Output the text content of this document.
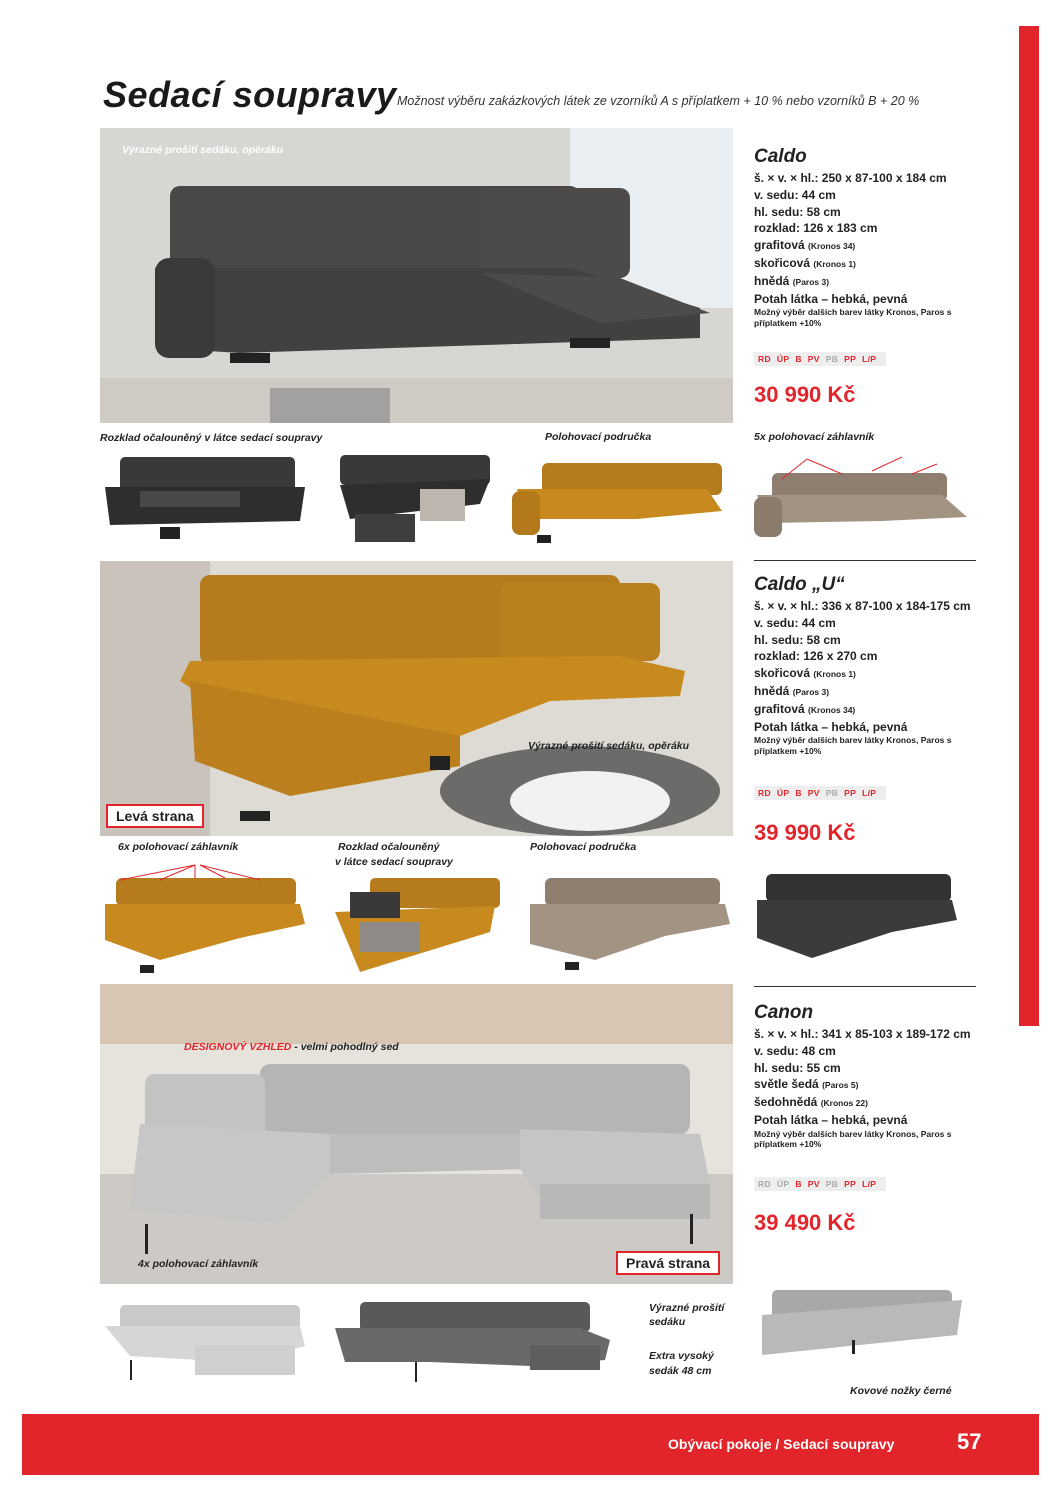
Sedací soupravy Možnost výběru zakázkových látek ze vzorníků A s příplatkem + 10 % nebo vzorníků B + 20 %
Výrazné prošití sedáku, opěráku
Rozklad očalouněný v látce sedací soupravy	Polohovací područka	5x polohovací záhlavník
Caldo
š. × v. × hl.: 250 x 87-100 x 184 cm
v. sedu: 44 cm
hl. sedu: 58 cm
rozklad: 126 x 183 cm
grafitová (Kronos 34)
skořicová (Kronos 1)
hnědá (Paros 3)
Potah látka – hebká, pevná
Možný výběr dalších barev látky Kronos, Paros s příplatkem +10%
RD ÚP B PV PB PP L/P
30 990 Kč
Výrazné prošití sedáku, opěráku
Levá strana
6x polohovací záhlavník	Rozklad očalouněný
v látce sedací soupravy
Polohovací područka
Caldo „U“
š. × v. × hl.: 336 x 87-100 x 184-175 cm
v. sedu: 44 cm
hl. sedu: 58 cm
rozklad: 126 x 270 cm
skořicová (Kronos 1)
hnědá (Paros 3)
grafitová (Kronos 34)
Potah látka – hebká, pevná
Možný výběr dalších barev látky Kronos, Paros s příplatkem +10%
RD ÚP B PV PB PP L/P
39 990 Kč
DESIGNOVÝ VZHLED - velmi pohodlný sed
Pravá strana
4x polohovací záhlavník
Výrazné prošití
sedáku
Extra vysoký
sedák 48 cm
Kovové nožky černé
Canon
š. × v. × hl.: 341 x 85-103 x 189-172 cm
v. sedu: 48 cm
hl. sedu: 55 cm
světle šedá (Paros 5)
šedohnědá (Kronos 22)
Potah látka – hebká, pevná
Možný výběr dalších barev látky Kronos, Paros s příplatkem +10%
RD ÚP B PV PB PP L/P
39 490 Kč
Obývací pokoje / Sedací soupravy	57
